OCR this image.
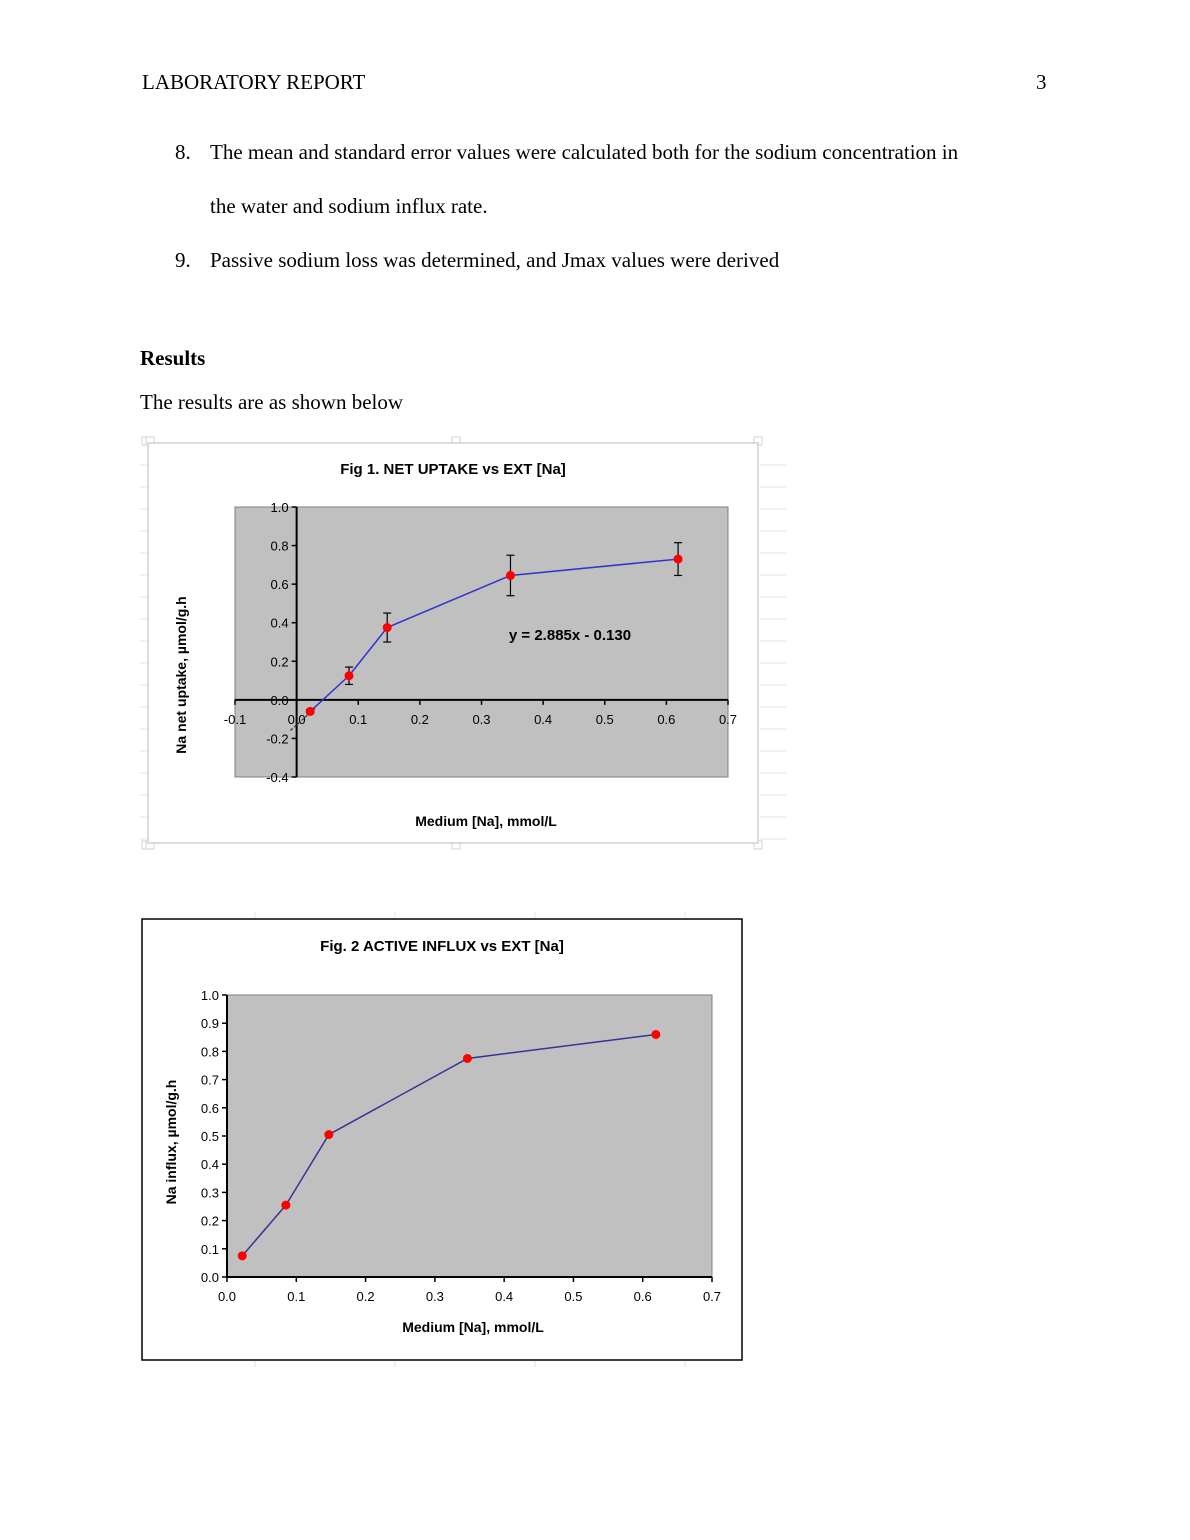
LABORATORY REPORT	3
8. The mean and standard error values were calculated both for the sodium concentration in
the water and sodium influx rate.
9. Passive sodium loss was determined, and Jmax values were derived
Results
The results are as shown below
Fig 1. NET UPTAKE vs EXT [Na]
-0.1	0.0	0.1	0.2	0.3	0.4	0.5	0.6	0.7
-0.4
-0.2
0.0
0.2
0.4
0.6
0.8
1.0
y = 2.885x - 0.130
Medium [Na], mmol/L
Na net uptake, µmol/g.h
Fig. 2 ACTIVE INFLUX vs EXT [Na]
0.0	0.1	0.2	0.3	0.4	0.5	0.6	0.7
0.0
0.1
0.2
0.3
0.4
0.5
0.6
0.7
0.8
0.9
1.0
Medium [Na], mmol/L
Na influx, µmol/g.h
